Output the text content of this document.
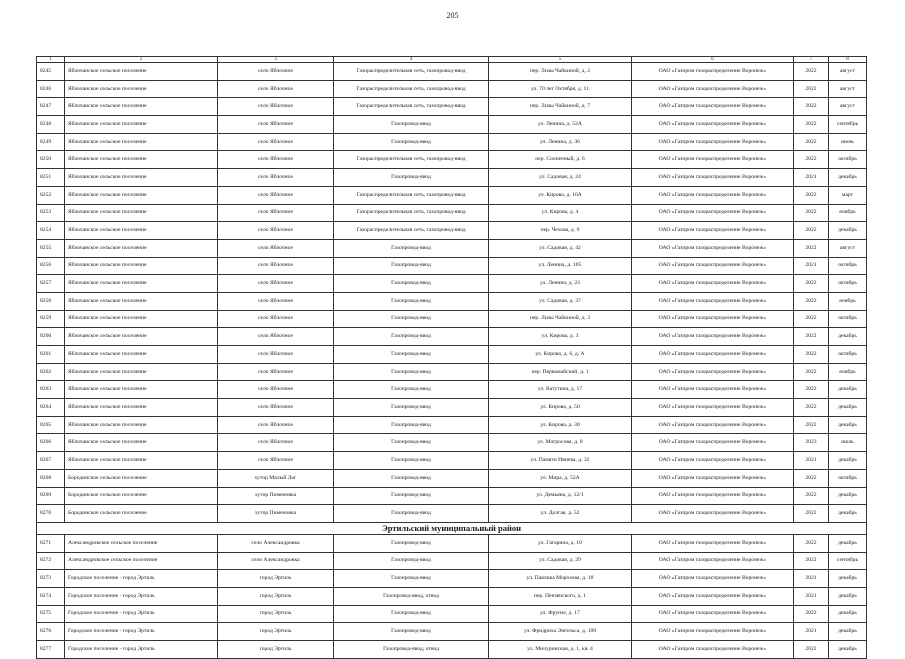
205
1	2	3	4	5	6	7	8
8245	Яблочанское сельское поселение	село Яблочное	Газораспределительная сеть, газопровод-ввод	пер. Лизы Чайкиной, д. 2	ОАО «Газпром газораспределение Воронеж»	2022	август
8246	Яблочанское сельское поселение	село Яблочное	Газораспределительная сеть, газопровод-ввод	ул. 70 лет Октября, д. 11	ОАО «Газпром газораспределение Воронеж»	2022	август
8247	Яблочанское сельское поселение	село Яблочное	Газораспределительная сеть, газопровод-ввод	пер. Лизы Чайкиной, д. 7	ОАО «Газпром газораспределение Воронеж»	2022	август
8248	Яблочанское сельское поселение	село Яблочное	Газопровод-ввод	ул. Ленина, д. 52А	ОАО «Газпром газораспределение Воронеж»	2022	сентябрь
8249	Яблочанское сельское поселение	село Яблочное	Газопровод-ввод	ул. Ленина, д. 36	ОАО «Газпром газораспределение Воронеж»	2022	июнь
8250	Яблочанское сельское поселение	село Яблочное	Газораспределительная сеть, газопровод-ввод	пер. Солнечный, д. 6	ОАО «Газпром газораспределение Воронеж»	2022	октябрь
8251	Яблочанское сельское поселение	село Яблочное	Газопровод-ввод	ул. Садовая, д. 24	ОАО «Газпром газораспределение Воронеж»	2021	декабрь
8252	Яблочанское сельское поселение	село Яблочное	Газораспределительная сеть, газопровод-ввод	ул. Кирова, д. 16А	ОАО «Газпром газораспределение Воронеж»	2022	март
8253	Яблочанское сельское поселение	село Яблочное	Газораспределительная сеть, газопровод-ввод	ул. Кирова, д. 4	ОАО «Газпром газораспределение Воронеж»	2022	ноябрь
8254	Яблочанское сельское поселение	село Яблочное	Газораспределительная сеть, газопровод-ввод	пер. Чехова, д. 9	ОАО «Газпром газораспределение Воронеж»	2022	декабрь
8255	Яблочанское сельское поселение	село Яблочное	Газопровод-ввод	ул. Садовая, д. 42	ОАО «Газпром газораспределение Воронеж»	2022	август
8256	Яблочанское сельское поселение	село Яблочное	Газопровод-ввод	ул. Ленина, д. 105	ОАО «Газпром газораспределение Воронеж»	2021	октябрь
8257	Яблочанское сельское поселение	село Яблочное	Газопровод-ввод	ул. Ленина, д. 23	ОАО «Газпром газораспределение Воронеж»	2022	октябрь
8258	Яблочанское сельское поселение	село Яблочное	Газопровод-ввод	ул. Садовая, д. 37	ОАО «Газпром газораспределение Воронеж»	2022	ноябрь
8259	Яблочанское сельское поселение	село Яблочное	Газопровод-ввод	пер. Лизы Чайкиной, д. 3	ОАО «Газпром газораспределение Воронеж»	2022	октябрь
8260	Яблочанское сельское поселение	село Яблочное	Газопровод-ввод	ул. Кирова, д. 3	ОАО «Газпром газораспределение Воронеж»	2022	декабрь
8261	Яблочанское сельское поселение	село Яблочное	Газопровод-ввод	ул. Кирова, д. 6, д. А	ОАО «Газпром газораспределение Воронеж»	2022	октябрь
8262	Яблочанское сельское поселение	село Яблочное	Газопровод-ввод	пер. Первомайский, д. 1	ОАО «Газпром газораспределение Воронеж»	2022	ноябрь
8263	Яблочанское сельское поселение	село Яблочное	Газопровод-ввод	ул. Ватутина, д. 17	ОАО «Газпром газораспределение Воронеж»	2022	декабрь
8264	Яблочанское сельское поселение	село Яблочное	Газопровод-ввод	ул. Кирова, д. 50	ОАО «Газпром газораспределение Воронеж»	2022	декабрь
8265	Яблочанское сельское поселение	село Яблочное	Газопровод-ввод	ул. Кирова, д. 30	ОАО «Газпром газораспределение Воронеж»	2022	декабрь
8266	Яблочанское сельское поселение	село Яблочное	Газопровод-ввод	ул. Матросова, д. 8	ОАО «Газпром газораспределение Воронеж»	2023	июль
8267	Яблочанское сельское поселение	село Яблочное	Газопровод-ввод	ул. Памяти Ивнева, д. 32	ОАО «Газпром газораспределение Воронеж»	2021	декабрь
8268	Бородинское сельское поселение	хутор Малый Лог	Газопровод-ввод	ул. Мира, д. 52А	ОАО «Газпром газораспределение Воронеж»	2022	октябрь
8269	Бородинское сельское поселение	хутор Пименовка	Газопровод-ввод	ул. Демьяна, д. 12/1	ОАО «Газпром газораспределение Воронеж»	2022	декабрь
8270	Бородинское сельское поселение	хутор Пименовка	Газопровод-ввод	ул. Долгая, д. 52	ОАО «Газпром газораспределение Воронеж»	2022	декабрь
Эртильский муниципальный район							
8271	Александровское сельское поселение	село Александровка	Газопровод-ввод	ул. Гагарина, д. 10	ОАО «Газпром газораспределение Воронеж»	2022	декабрь
8272	Александровское сельское поселение	село Александровка	Газопровод-ввод	ул. Садовая, д. 29	ОАО «Газпром газораспределение Воронеж»	2022	сентябрь
8273	Городское поселение - город Эртиль	город Эртиль	Газопровод-ввод	ул. Павлика Морозова, д. 18	ОАО «Газпром газораспределение Воронеж»	2021	декабрь
8274	Городское поселение - город Эртиль	город Эртиль	Газопровод-ввод, отвод	пер. Пензенского, д. 1	ОАО «Газпром газораспределение Воронеж»	2021	декабрь
8275	Городское поселение - город Эртиль	город Эртиль	Газопровод-ввод	ул. Фрунзе, д. 17	ОАО «Газпром газораспределение Воронеж»	2022	декабрь
8276	Городское поселение - город Эртиль	город Эртиль	Газопровод-ввод	ул. Фридриха Энгельса, д. 109	ОАО «Газпром газораспределение Воронеж»	2021	декабрь
8277	Городское поселение - город Эртиль	город Эртиль	Газопровод-ввод, отвод	ул. Мичуринская, д. 1, кв. 4	ОАО «Газпром газораспределение Воронеж»	2022	декабрь
